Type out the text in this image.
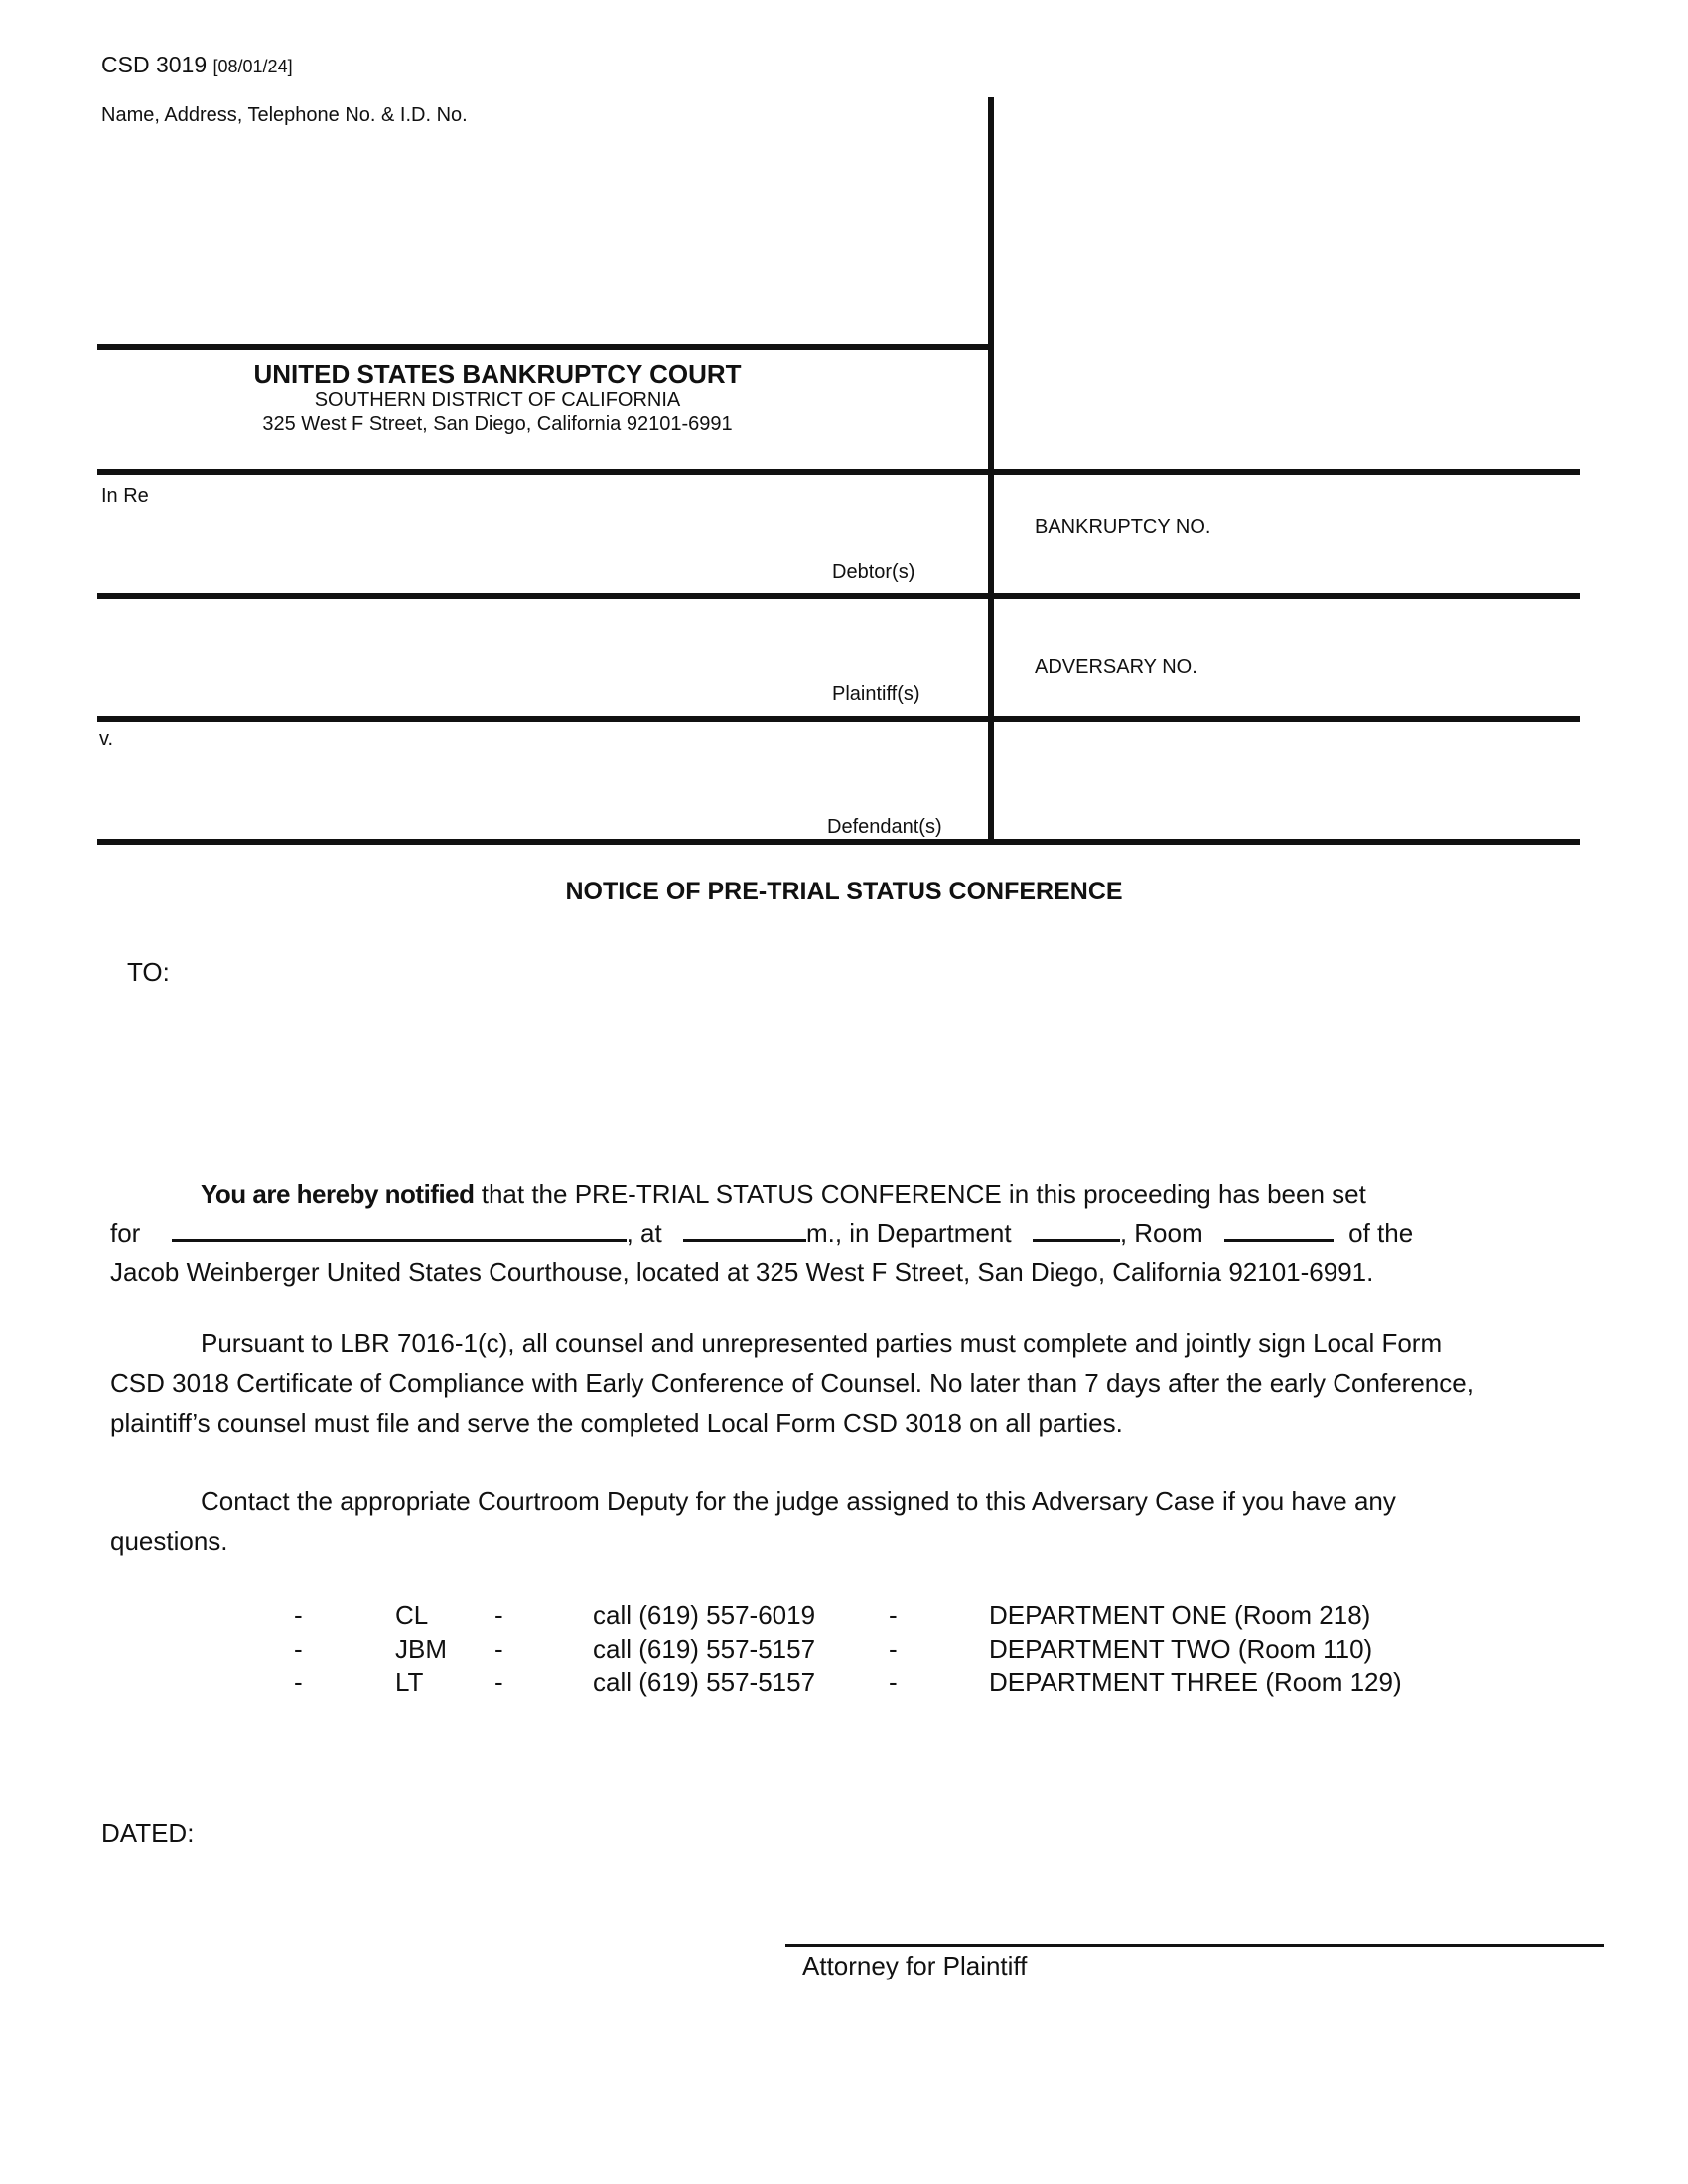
CSD 3019 [08/01/24]
Name, Address, Telephone No. & I.D. No.
UNITED STATES BANKRUPTCY COURT
SOUTHERN DISTRICT OF CALIFORNIA
325 West F Street, San Diego, California 92101-6991
In Re
Debtor(s)
Plaintiff(s)
v.
Defendant(s)
BANKRUPTCY NO.
ADVERSARY NO.
NOTICE OF PRE-TRIAL STATUS CONFERENCE
TO:
You are hereby notified that the PRE-TRIAL STATUS CONFERENCE in this proceeding has been set
for	, at	m., in Department	, Room	of the
Jacob Weinberger United States Courthouse, located at 325 West F Street, San Diego, California 92101-6991.
Pursuant to LBR 7016-1(c), all counsel and unrepresented parties must complete and jointly sign Local Form
CSD 3018 Certificate of Compliance with Early Conference of Counsel. No later than 7 days after the early Conference,
plaintiff’s counsel must file and serve the completed Local Form CSD 3018 on all parties.
Contact the appropriate Courtroom Deputy for the judge assigned to this Adversary Case if you have any
questions.
-	CL	-	call (619) 557-6019	-	DEPARTMENT ONE (Room 218)
-	JBM -	call (619) 557-5157	-	DEPARTMENT TWO (Room 110)
-	LT	-	call (619) 557-5157	-	DEPARTMENT THREE (Room 129)
DATED:
Attorney for Plaintiff
